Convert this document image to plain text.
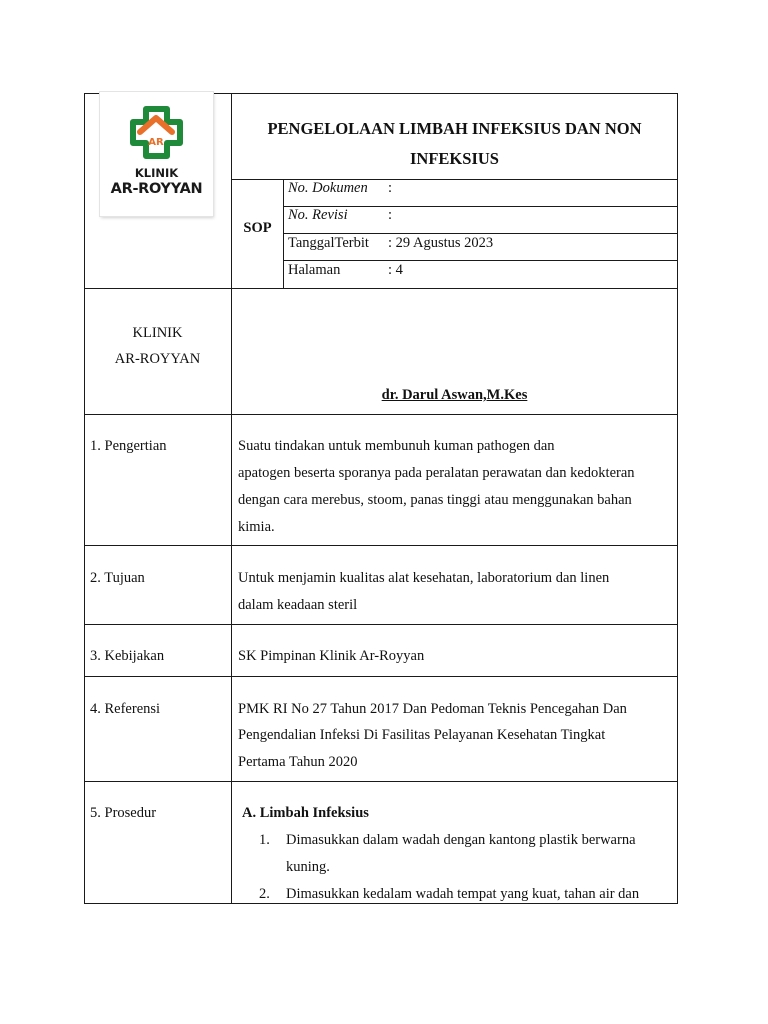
AR
KLINIK
AR-ROYYAN
PENGELOLAAN LIMBAH INFEKSIUS DAN NON INFEKSIUS
SOP
No. Dokumen :
No. Revisi	:
TanggalTerbit : 29 Agustus 2023
Halaman	: 4
KLINIK
AR-ROYYAN
dr. Darul Aswan,M.Kes
1. Pengertian	Suatu tindakan untuk membunuh kuman pathogen dan
apatogen beserta sporanya pada peralatan perawatan dan kedokteran
dengan cara merebus, stoom, panas tinggi atau menggunakan bahan
kimia.
2. Tujuan	Untuk menjamin kualitas alat kesehatan, laboratorium dan linen
dalam keadaan steril
3. Kebijakan	SK Pimpinan Klinik Ar-Royyan
4. Referensi	PMK RI No 27 Tahun 2017 Dan Pedoman Teknis Pencegahan Dan
Pengendalian Infeksi Di Fasilitas Pelayanan Kesehatan Tingkat
Pertama Tahun 2020
5. Prosedur	A. Limbah Infeksius
1. Dimasukkan dalam wadah dengan kantong plastik berwarna
kuning.
2. Dimasukkan kedalam wadah tempat yang kuat, tahan air dan
